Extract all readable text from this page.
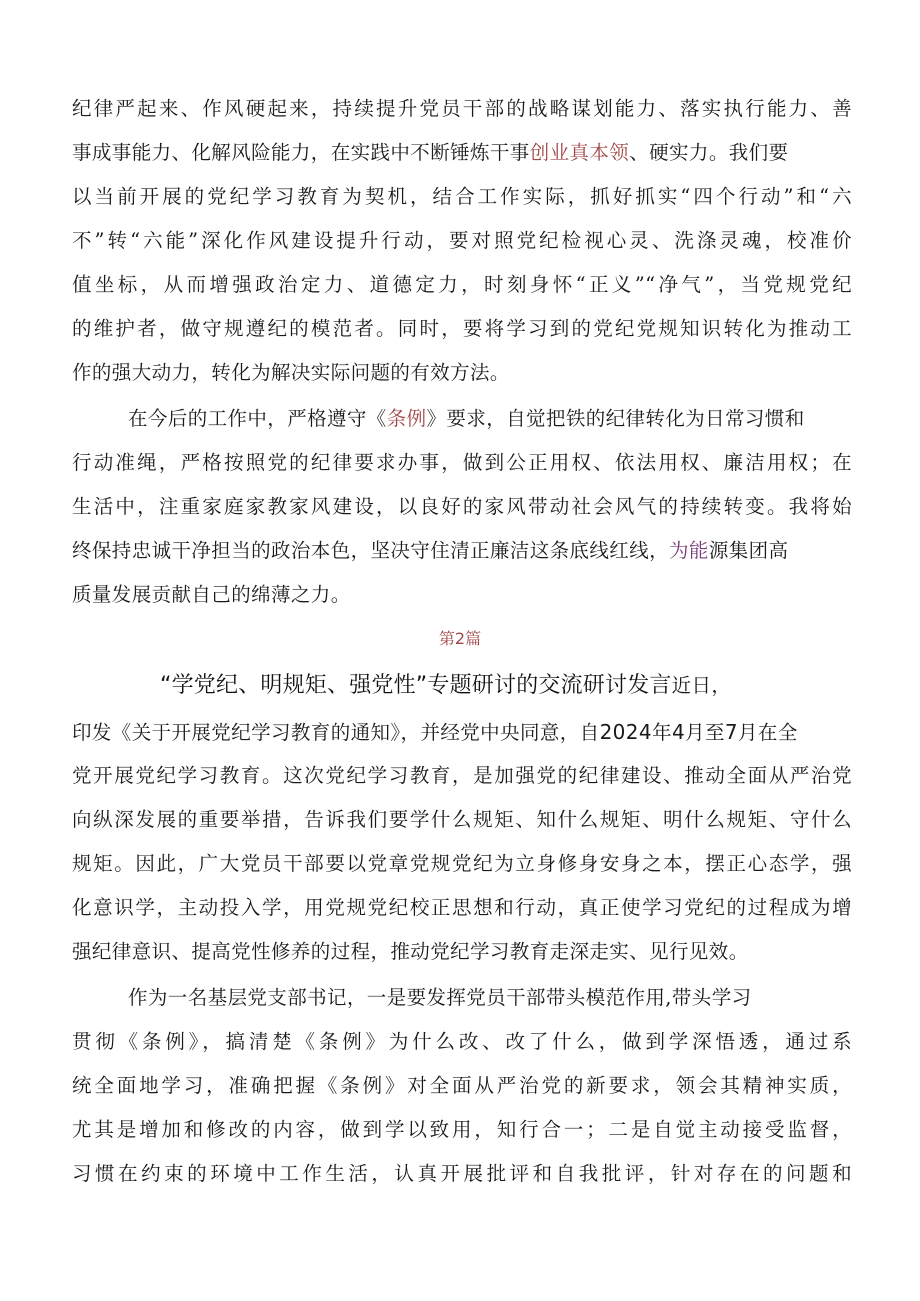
纪律严起来、作风硬起来，持续提升党员干部的战略谋划能力、落实执行能力、善
事成事能力、化解风险能力，在实践中不断锤炼干事创业真本领、硬实力。我们要
以当前开展的党纪学习教育为契机，结合工作实际，抓好抓实“四个行动”和“六
不”转“六能”深化作风建设提升行动，要对照党纪检视心灵、洗涤灵魂，校准价
值坐标，从而增强政治定力、道德定力，时刻身怀“正义”“净气”，当党规党纪
的维护者，做守规遵纪的模范者。同时，要将学习到的党纪党规知识转化为推动工
作的强大动力，转化为解决实际问题的有效方法。
在今后的工作中，严格遵守《条例》要求，自觉把铁的纪律转化为日常习惯和
行动准绳，严格按照党的纪律要求办事，做到公正用权、依法用权、廉洁用权；在
生活中，注重家庭家教家风建设，以良好的家风带动社会风气的持续转变。我将始
终保持忠诚干净担当的政治本色，坚决守住清正廉洁这条底线红线，为能源集团高
质量发展贡献自己的绵薄之力。
第2篇
“学党纪、明规矩、强党性”专题研讨的交流研讨发言近日，
印发《关于开展党纪学习教育的通知》，并经党中央同意，自2024年4月至7月在全
党开展党纪学习教育。这次党纪学习教育，是加强党的纪律建设、推动全面从严治党
向纵深发展的重要举措，告诉我们要学什么规矩、知什么规矩、明什么规矩、守什么
规矩。因此，广大党员干部要以党章党规党纪为立身修身安身之本，摆正心态学，强
化意识学，主动投入学，用党规党纪校正思想和行动，真正使学习党纪的过程成为增
强纪律意识、提高党性修养的过程，推动党纪学习教育走深走实、见行见效。
作为一名基层党支部书记，一是要发挥党员干部带头模范作用,带头学习
贯彻《条例》，搞清楚《条例》为什么改、改了什么，做到学深悟透，通过系
统全面地学习，准确把握《条例》对全面从严治党的新要求，领会其精神实质，
尤其是增加和修改的内容，做到学以致用，知行合一；二是自觉主动接受监督，
习惯在约束的环境中工作生活，认真开展批评和自我批评，针对存在的问题和
